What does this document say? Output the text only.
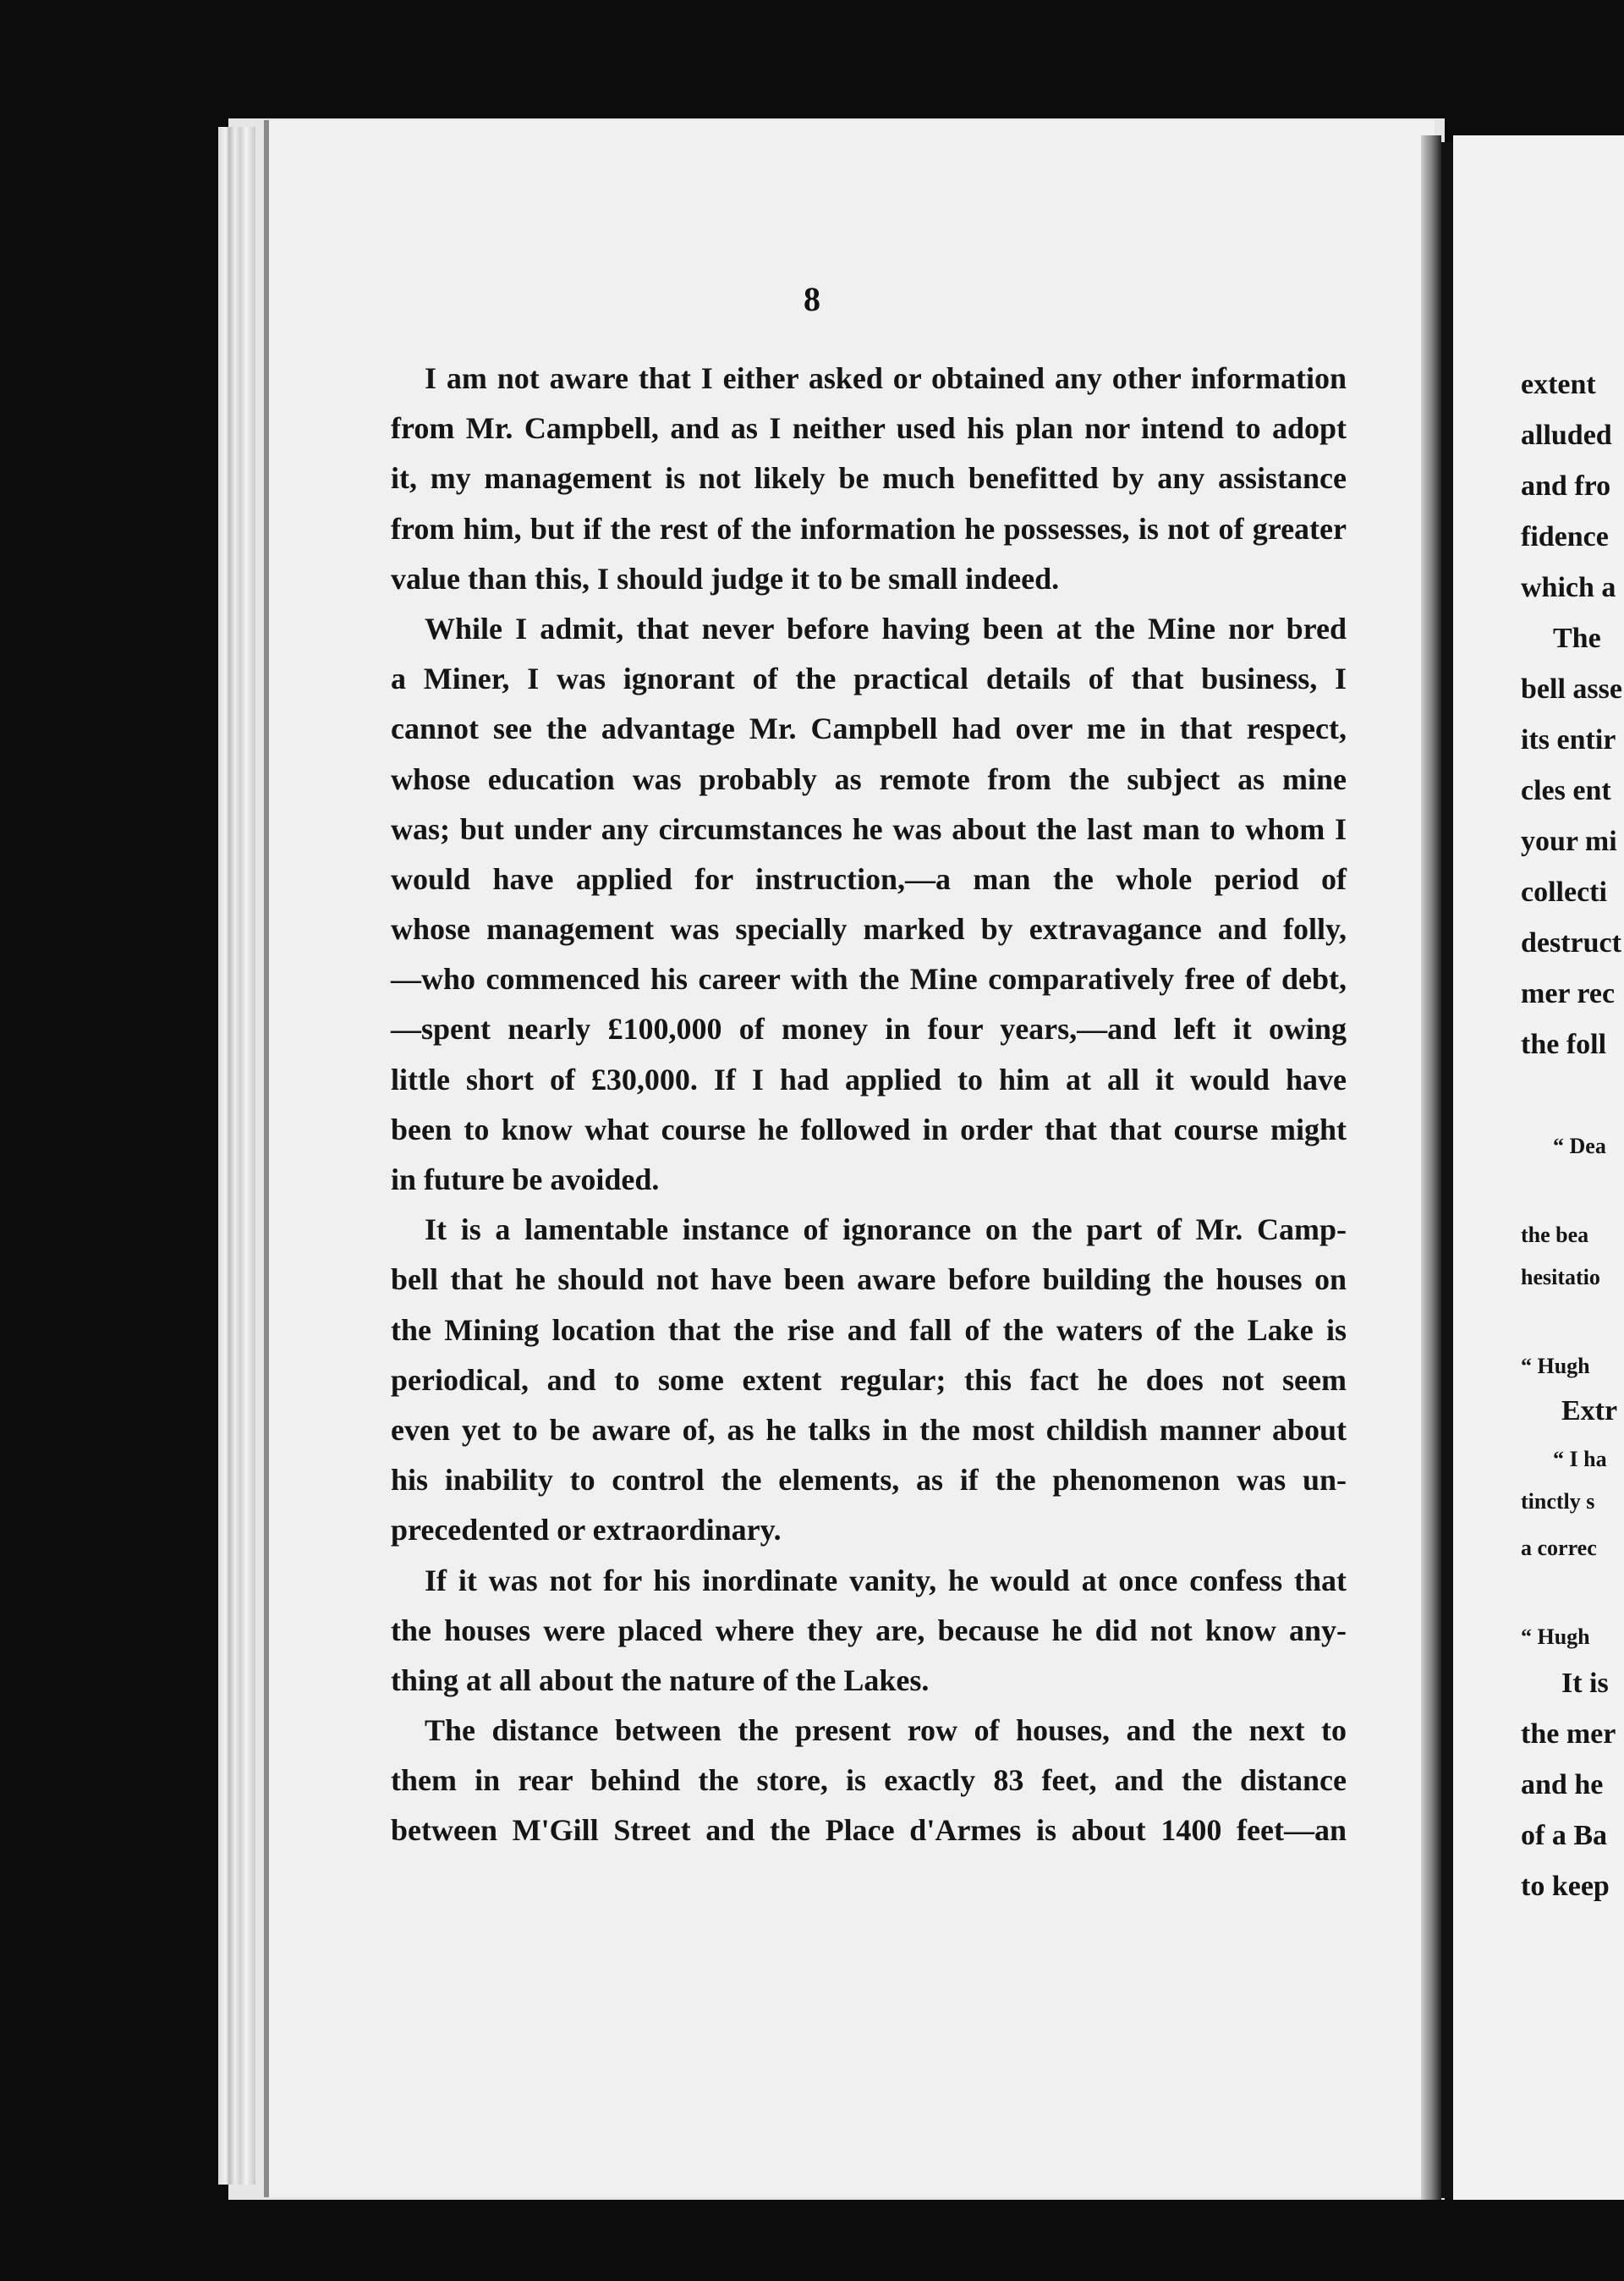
8
I am not aware that I either asked or obtained any other information
from Mr. Campbell, and as I neither used his plan nor intend to adopt
it, my management is not likely be much benefitted by any assistance
from him, but if the rest of the information he possesses, is not of greater
value than this, I should judge it to be small indeed.
While I admit, that never before having been at the Mine nor bred
a Miner, I was ignorant of the practical details of that business, I
cannot see the advantage Mr. Campbell had over me in that respect,
whose education was probably as remote from the subject as mine
was; but under any circumstances he was about the last man to whom I
would have applied for instruction,—a man the whole period of
whose management was specially marked by extravagance and folly,
—who commenced his career with the Mine comparatively free of debt,
—spent nearly £100,000 of money in four years,—and left it owing
little short of £30,000. If I had applied to him at all it would have
been to know what course he followed in order that that course might
in future be avoided.
It is a lamentable instance of ignorance on the part of Mr. Camp-
bell that he should not have been aware before building the houses on
the Mining location that the rise and fall of the waters of the Lake is
periodical, and to some extent regular; this fact he does not seem
even yet to be aware of, as he talks in the most childish manner about
his inability to control the elements, as if the phenomenon was un-
precedented or extraordinary.
If it was not for his inordinate vanity, he would at once confess that
the houses were placed where they are, because he did not know any-
thing at all about the nature of the Lakes.
The distance between the present row of houses, and the next to
them in rear behind the store, is exactly 83 feet, and the distance
between M'Gill Street and the Place d'Armes is about 1400 feet—an
extent
alluded
and fro
fidence
which a
The
bell asse
its entir
cles ent
your mi
collecti
destruct
mer rec
the foll
“ Dea
the bea
hesitatio
“ Hugh
Extr
“ I ha
tinctly s
a correc
“ Hugh
It is
the mer
and he
of a Ba
to keep
